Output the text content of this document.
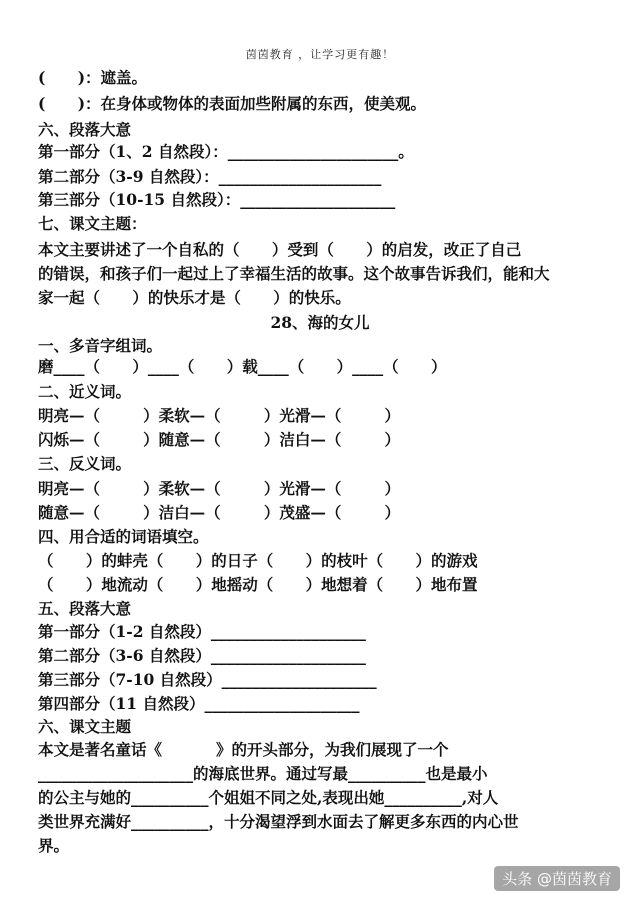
茵茵教育 ，让学习更有趣！
(      )：遮盖。
(      )：在身体或物体的表面加些附属的东西，使美观。
六、段落大意
第一部分（1、2 自然段）：______________________。
第二部分（3-9 自然段）：_____________________
第三部分（10-15 自然段）：____________________
七、课文主题：
本文主要讲述了一个自私的（      ）受到（      ）的启发，改正了自己
的错误，和孩子们一起过上了幸福生活的故事。这个故事告诉我们，能和大
家一起（      ）的快乐才是（      ）的快乐。
28、海的女儿
一、多音字组词。
磨____（      ）____（      ）载____（      ）____（      ）
二、近义词。
明亮—（        ）柔软—（        ）光滑—（        ）
闪烁—（        ）随意—（        ）洁白—（        ）
三、反义词。
明亮—（        ）柔软—（        ）光滑—（        ）
随意—（        ）洁白—（        ）茂盛—（        ）
四、用合适的词语填空。
（      ）的蚌壳（      ）的日子（      ）的枝叶（      ）的游戏
（      ）地流动（      ）地摇动（      ）地想着（      ）地布置
五、段落大意
第一部分（1-2 自然段）____________________
第二部分（3-6 自然段）____________________
第三部分（7-10 自然段）____________________
第四部分（11 自然段）____________________
六、课文主题
本文是著名童话《          》的开头部分，为我们展现了一个
____________________的海底世界。通过写最__________也是最小
的公主与她的__________个姐姐不同之处,表现出她__________,对人
类世界充满好__________，十分渴望浮到水面去了解更多东西的内心世
界。
头条 @茵茵教育
